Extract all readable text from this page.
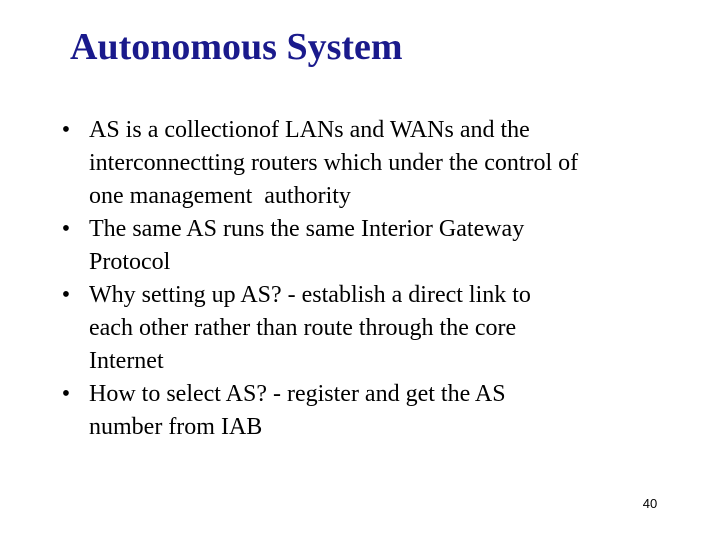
Autonomous System
• AS is a collectionof LANs and WANs and the
interconnectting routers which under the control of
one management  authority
• The same AS runs the same Interior Gateway
Protocol
• Why setting up AS? - establish a direct link to
each other rather than route through the core
Internet
• How to select AS? - register and get the AS
number from IAB
40
